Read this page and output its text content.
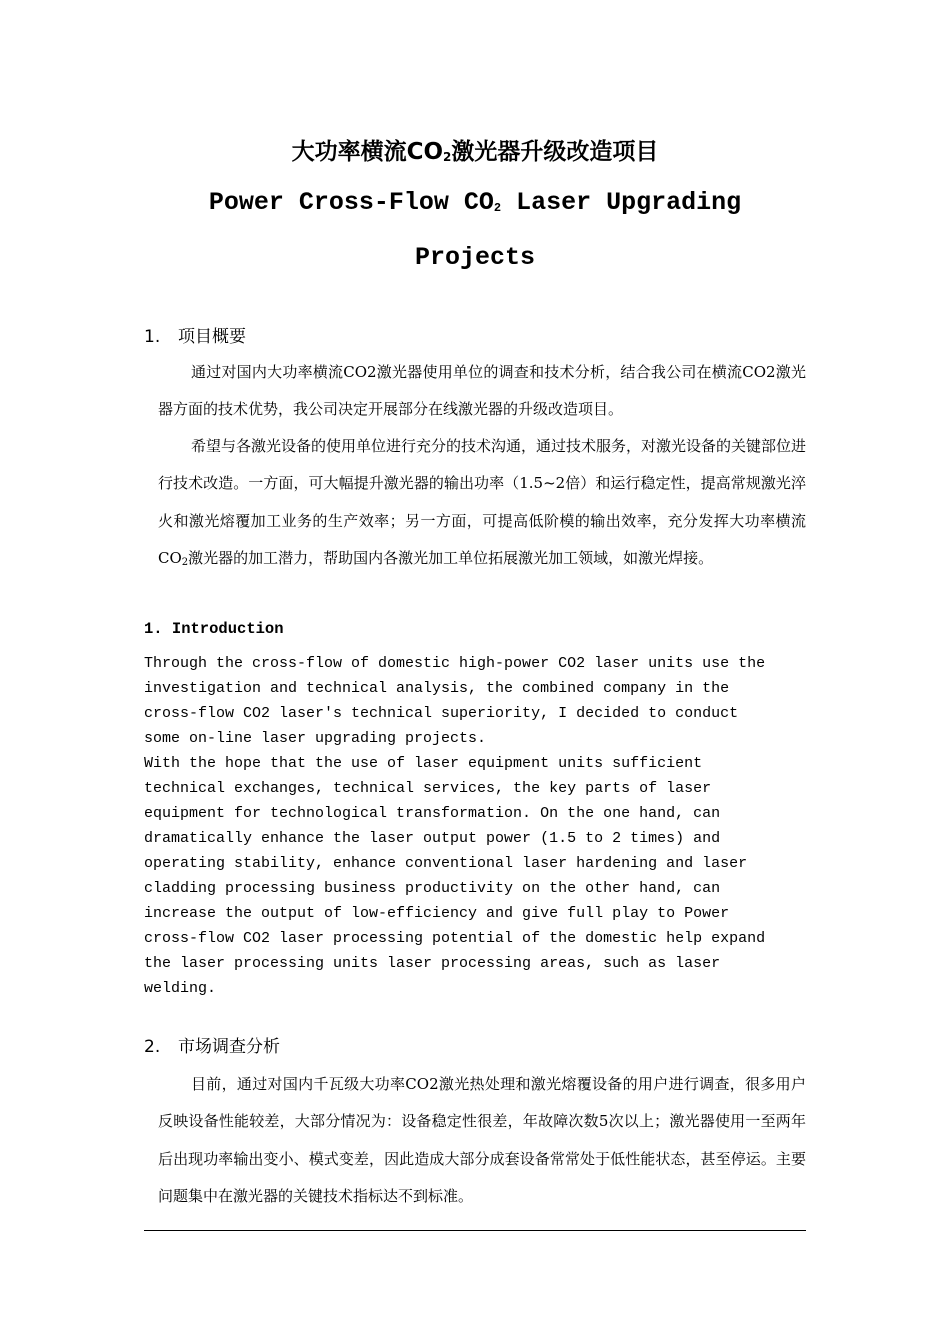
大功率横流$CO_2$激光器升级改造项目
Power Cross-Flow $CO_2$ Laser Upgrading
Projects
1. 项目概要

通过对国内大功率横流CO2激光器使用单位的调查和技术分析，结合我公司在横流CO2激光器方面的技术优势，我公司决定开展部分在线激光器的升级改造项目。

希望与各激光设备的使用单位进行充分的技术沟通，通过技术服务，对激光设备的关键部位进行技术改造。一方面，可大幅提升激光器的输出功率（1.5~2倍）和运行稳定性，提高常规激光淬火和激光熔覆加工业务的生产效率；另一方面，可提高低阶模的输出效率，充分发挥大功率横流$CO_2$激光器的加工潜力，帮助国内各激光加工单位拓展激光加工领域，如激光焊接。

1. Introduction
Through the cross-flow of domestic high-power CO2 laser units use the
investigation and technical analysis, the combined company in the
cross-flow CO2 laser's technical superiority, I decided to conduct
some on-line laser upgrading projects.
With the hope that the use of laser equipment units sufficient
technical exchanges, technical services, the key parts of laser
equipment for technological transformation. On the one hand, can
dramatically enhance the laser output power (1.5 to 2 times) and
operating stability, enhance conventional laser hardening and laser
cladding processing business productivity on the other hand, can
increase the output of low-efficiency and give full play to Power
cross-flow CO2 laser processing potential of the domestic help expand
the laser processing units laser processing areas, such as laser
welding.
2. 市场调查分析

目前，通过对国内千瓦级大功率CO2激光热处理和激光熔覆设备的用户进行调查，很多用户反映设备性能较差，大部分情况为：设备稳定性很差，年故障次数5次以上；激光器使用一至两年后出现功率输出变小、模式变差，因此造成大部分成套设备常常处于低性能状态，甚至停运。主要问题集中在激光器的关键技术指标达不到标准。
